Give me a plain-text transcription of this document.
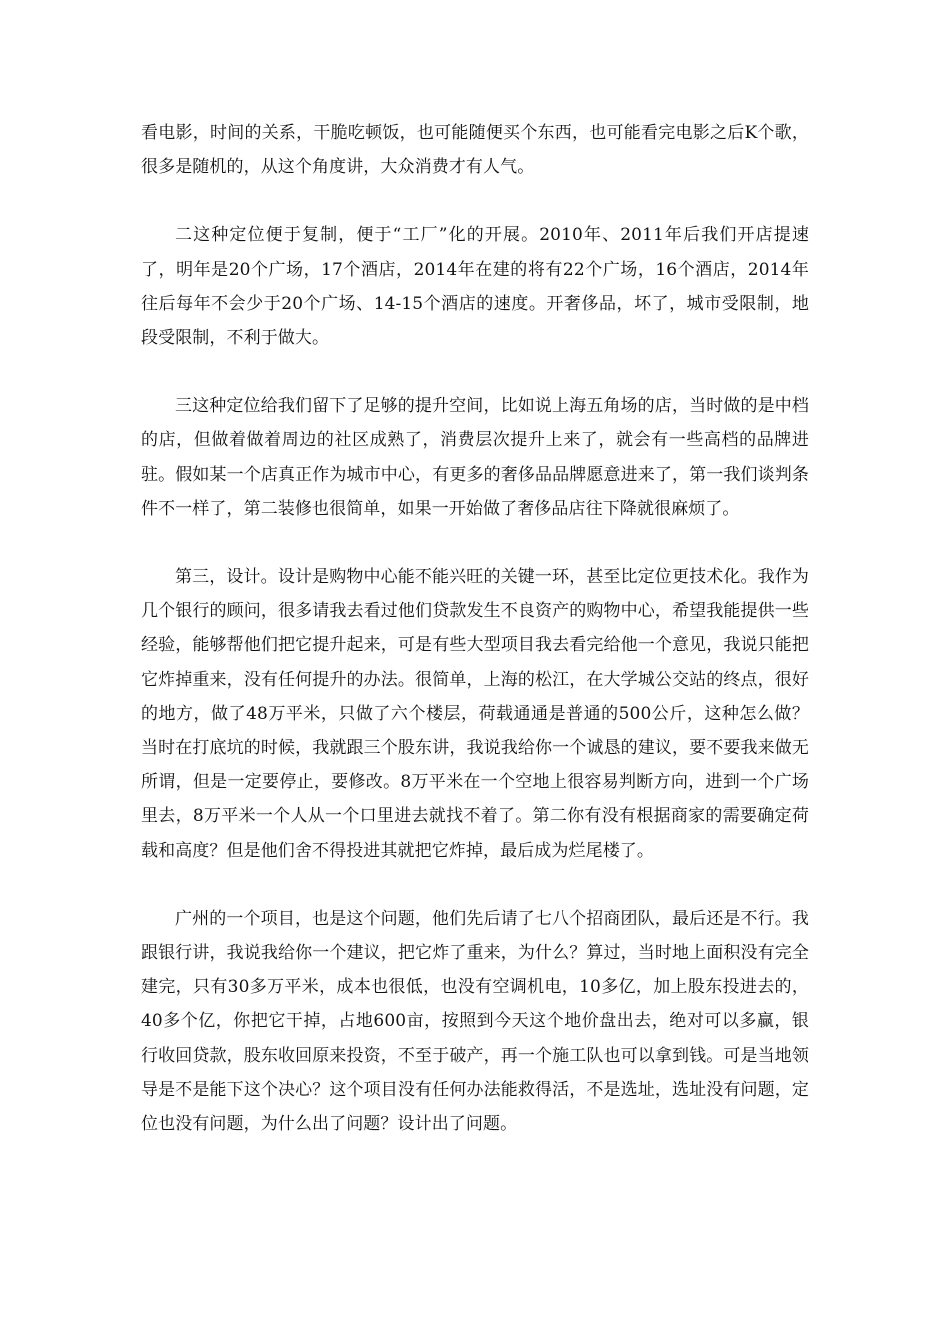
看电影，时间的关系，干脆吃顿饭，也可能随便买个东西，也可能看完电影之后K个歌，很多是随机的，从这个角度讲，大众消费才有人气。

二这种定位便于复制，便于“工厂”化的开展。2010年、2011年后我们开店提速了，明年是20个广场，17个酒店，2014年在建的将有22个广场，16个酒店，2014年往后每年不会少于20个广场、14-15个酒店的速度。开奢侈品，坏了，城市受限制，地段受限制，不利于做大。

三这种定位给我们留下了足够的提升空间，比如说上海五角场的店，当时做的是中档的店，但做着做着周边的社区成熟了，消费层次提升上来了，就会有一些高档的品牌进驻。假如某一个店真正作为城市中心，有更多的奢侈品品牌愿意进来了，第一我们谈判条件不一样了，第二装修也很简单，如果一开始做了奢侈品店往下降就很麻烦了。

第三，设计。设计是购物中心能不能兴旺的关键一环，甚至比定位更技术化。我作为几个银行的顾问，很多请我去看过他们贷款发生不良资产的购物中心，希望我能提供一些经验，能够帮他们把它提升起来，可是有些大型项目我去看完给他一个意见，我说只能把它炸掉重来，没有任何提升的办法。很简单，上海的松江，在大学城公交站的终点，很好的地方，做了48万平米，只做了六个楼层，荷载通通是普通的500公斤，这种怎么做？当时在打底坑的时候，我就跟三个股东讲，我说我给你一个诚恳的建议，要不要我来做无所谓，但是一定要停止，要修改。8万平米在一个空地上很容易判断方向，进到一个广场里去，8万平米一个人从一个口里进去就找不着了。第二你有没有根据商家的需要确定荷载和高度？但是他们舍不得投进其就把它炸掉，最后成为烂尾楼了。

广州的一个项目，也是这个问题，他们先后请了七八个招商团队，最后还是不行。我跟银行讲，我说我给你一个建议，把它炸了重来，为什么？算过，当时地上面积没有完全建完，只有30多万平米，成本也很低，也没有空调机电，10多亿，加上股东投进去的，40多个亿，你把它干掉，占地600亩，按照到今天这个地价盘出去，绝对可以多赢，银行收回贷款，股东收回原来投资，不至于破产，再一个施工队也可以拿到钱。可是当地领导是不是能下这个决心？这个项目没有任何办法能救得活，不是选址，选址没有问题，定位也没有问题，为什么出了问题？设计出了问题。
